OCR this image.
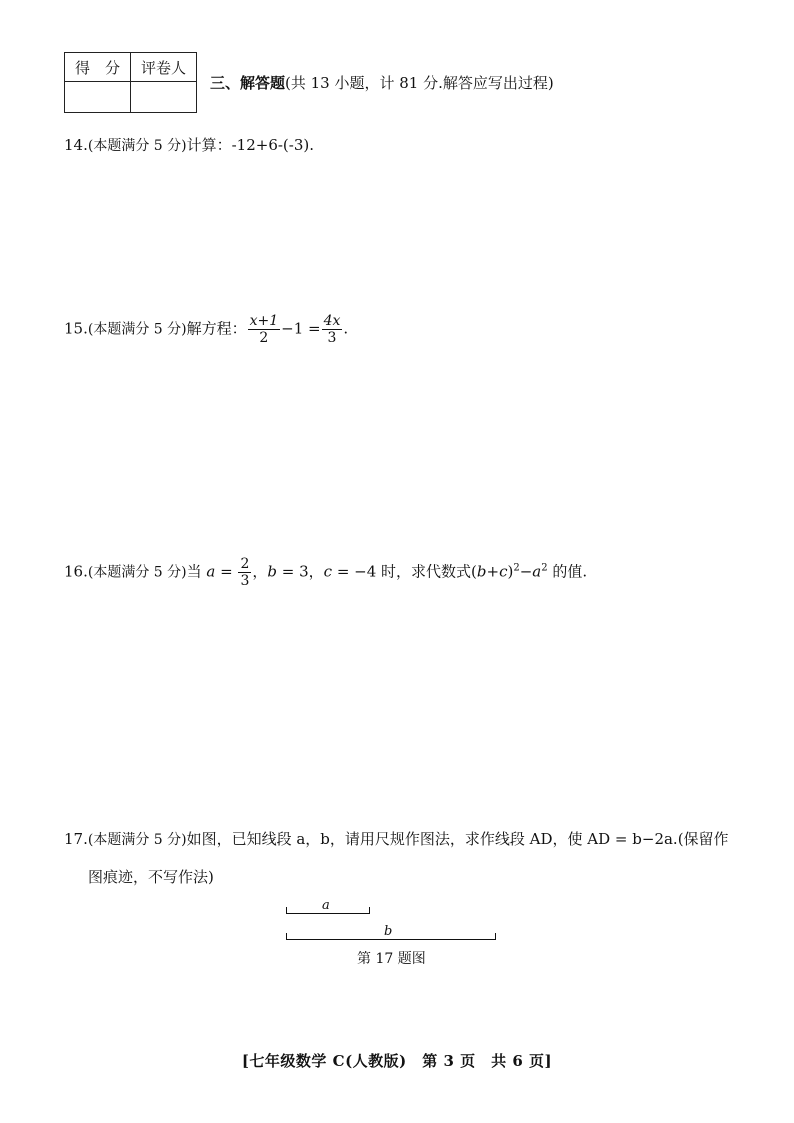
得　分	评卷人

三、解答题(共 13 小题，计 81 分.解答应写出过程)
14.(本题满分 5 分)计算：-12+6-(-3).
15.(本题满分 5 分)解方程： $\frac{x+1}{2} -1 = \frac{4x}{3}$ .
16.(本题满分 5 分)当 $a = \frac{2}{3}$ ，b = 3，c = −4 时，求代数式$(b+c)^2-a^2$ 的值.
17.(本题满分 5 分)如图，已知线段 a，b，请用尺规作图法，求作线段 AD，使 AD = b−2a.(保留作
图痕迹，不写作法)
a
b
第 17 题图
[七年级数学 C(人教版)　第 3 页　共 6 页]
